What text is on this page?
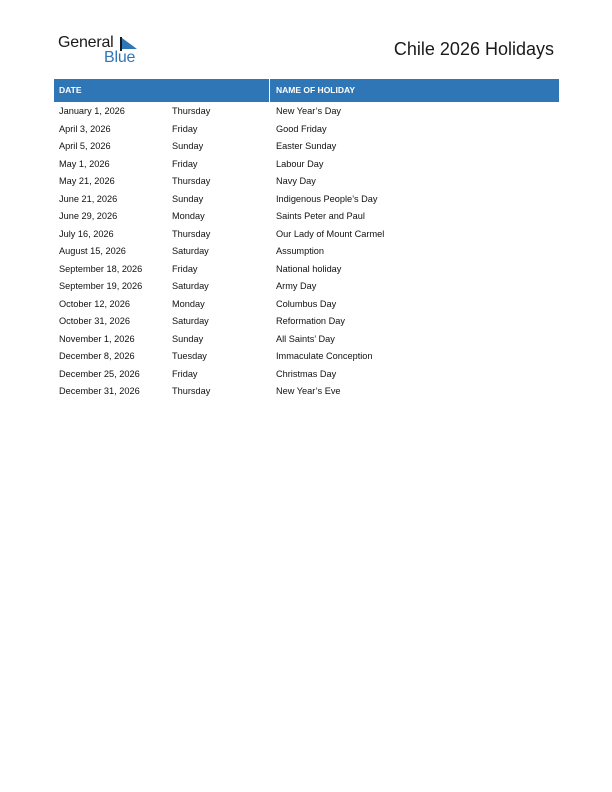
General
Blue	Chile 2026 Holidays
DATE	NAME OF HOLIDAY
January 1, 2026	Thursday	New Year’s Day
April 3, 2026	Friday	Good Friday
April 5, 2026	Sunday	Easter Sunday
May 1, 2026	Friday	Labour Day
May 21, 2026	Thursday	Navy Day
June 21, 2026	Sunday	Indigenous People’s Day
June 29, 2026	Monday	Saints Peter and Paul
July 16, 2026	Thursday	Our Lady of Mount Carmel
August 15, 2026	Saturday	Assumption
September 18, 2026	Friday	National holiday
September 19, 2026	Saturday	Army Day
October 12, 2026	Monday	Columbus Day
October 31, 2026	Saturday	Reformation Day
November 1, 2026	Sunday	All Saints’ Day
December 8, 2026	Tuesday	Immaculate Conception
December 25, 2026	Friday	Christmas Day
December 31, 2026	Thursday	New Year’s Eve
